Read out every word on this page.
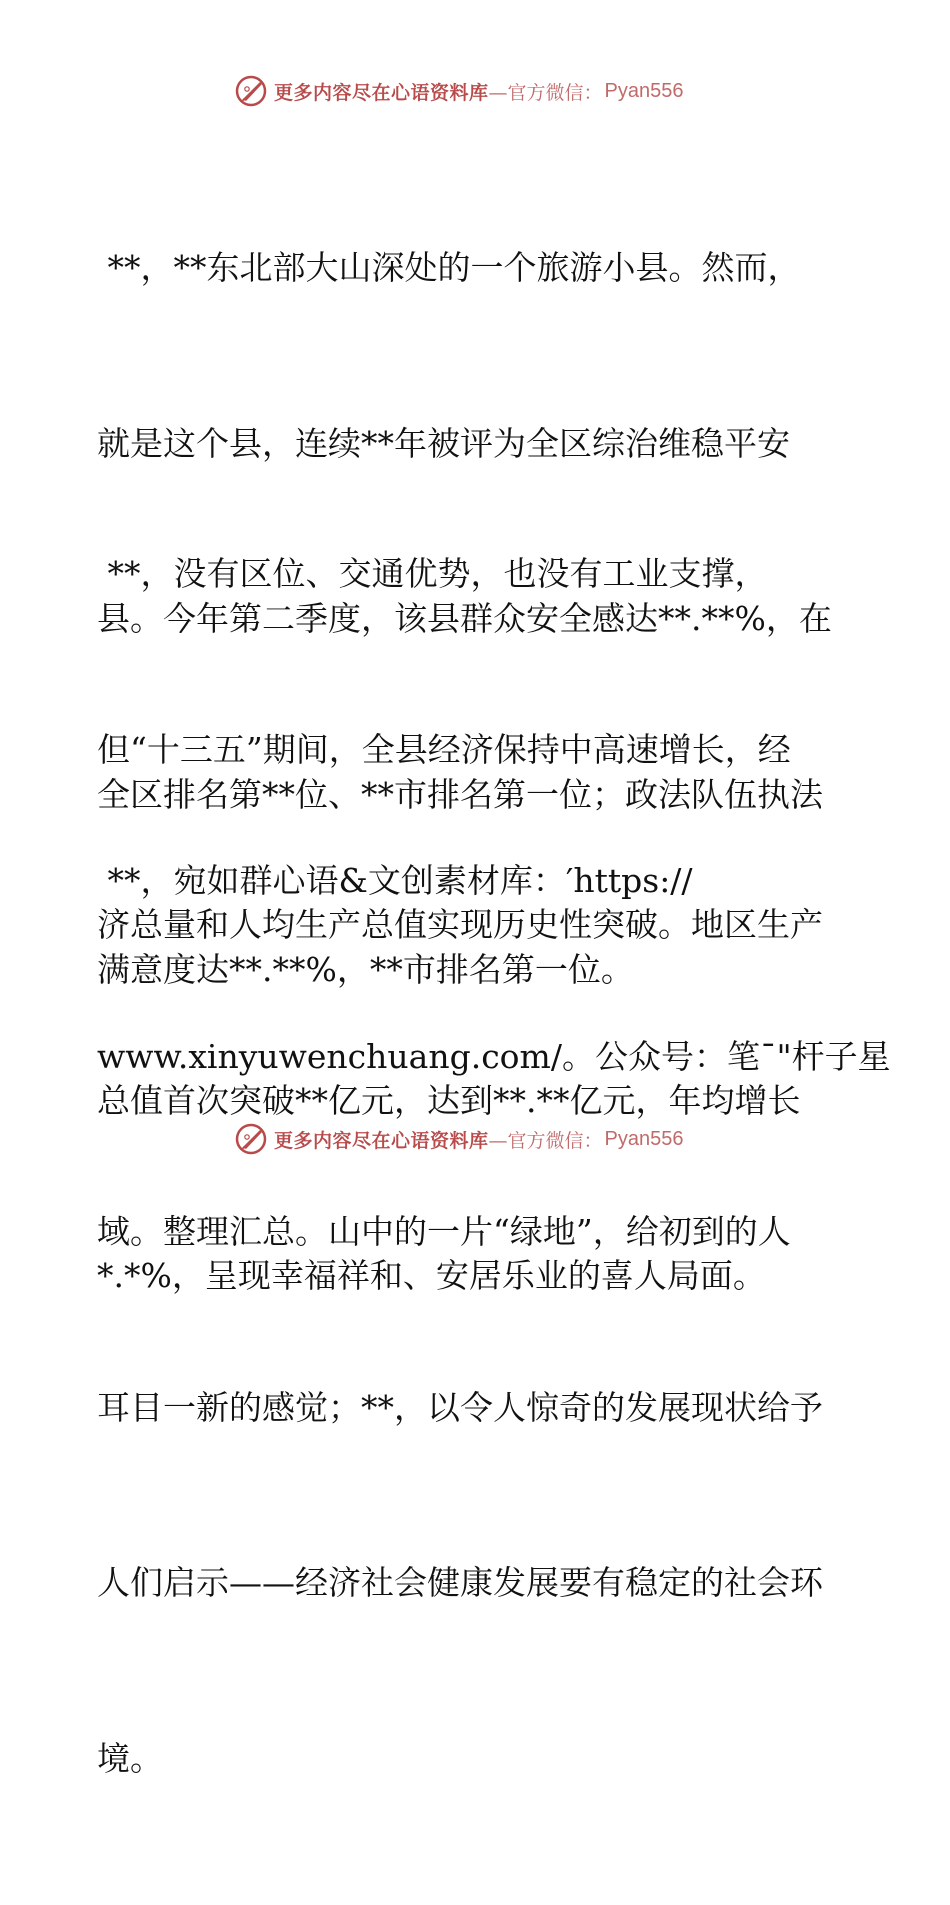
更多内容尽在心语资料库 —官方微信： Pyan556

**，**东北部大山深处的一个旅游小县。然而，

就是这个县，连续**年被评为全区综治维稳平安

县。今年第二季度，该县群众安全感达**.**%，在

全区排名第**位、**市排名第一位；政法队伍执法

满意度达**.**%，**市排名第一位。

**，没有区位、交通优势，也没有工业支撑，

但“十三五”期间，全县经济保持中高速增长，经

济总量和人均生产总值实现历史性突破。地区生产

总值首次突破**亿元，达到**.**亿元，年均增长

*.*%，呈现幸福祥和、安居乐业的喜人局面。

**，宛如群心语&文创素材库：′https://

www.xinyuwenchuang.com/。公众号：笔¯"杆子星

域。整理汇总。山中的一片“绿地”，给初到的人

耳目一新的感觉；**，以令人惊奇的发展现状给予

人们启示——经济社会健康发展要有稳定的社会环

境。

更多内容尽在心语资料库 —官方微信： Pyan556
